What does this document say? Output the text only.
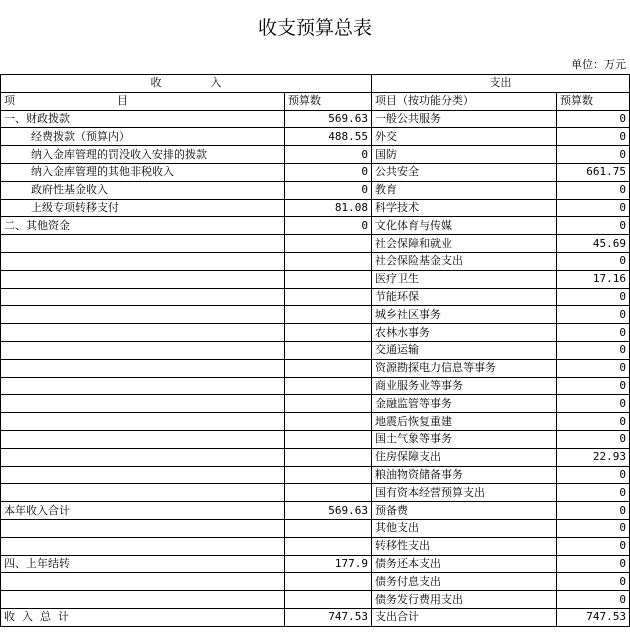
收支预算总表
单位：万元
收              入		支出	
项 目	预算数	项目（按功能分类）	预算数
一、财政拨款	569.63	一般公共服务	0
经费拨款（预算内）	488.55	外交	0
纳入金库管理的罚没收入安排的拨款	0	国防	0
纳入金库管理的其他非税收入	0	公共安全	661.75
政府性基金收入	0	教育	0
上级专项转移支付	81.08	科学技术	0
二、其他资金	0	文化体育与传媒	0
		社会保障和就业	45.69
		社会保险基金支出	0
		医疗卫生	17.16
		节能环保	0
		城乡社区事务	0
		农林水事务	0
		交通运输	0
		资源勘探电力信息等事务	0
		商业服务业等事务	0
		金融监管等事务	0
		地震后恢复重建	0
		国土气象等事务	0
		住房保障支出	22.93
		粮油物资储备事务	0
		国有资本经营预算支出	0
本年收入合计	569.63	预备费	0
		其他支出	0
		转移性支出	0
四、上年结转	177.9	债务还本支出	0
		债务付息支出	0
		债务发行费用支出	0
收  入  总  计	747.53	支出合计	747.53
